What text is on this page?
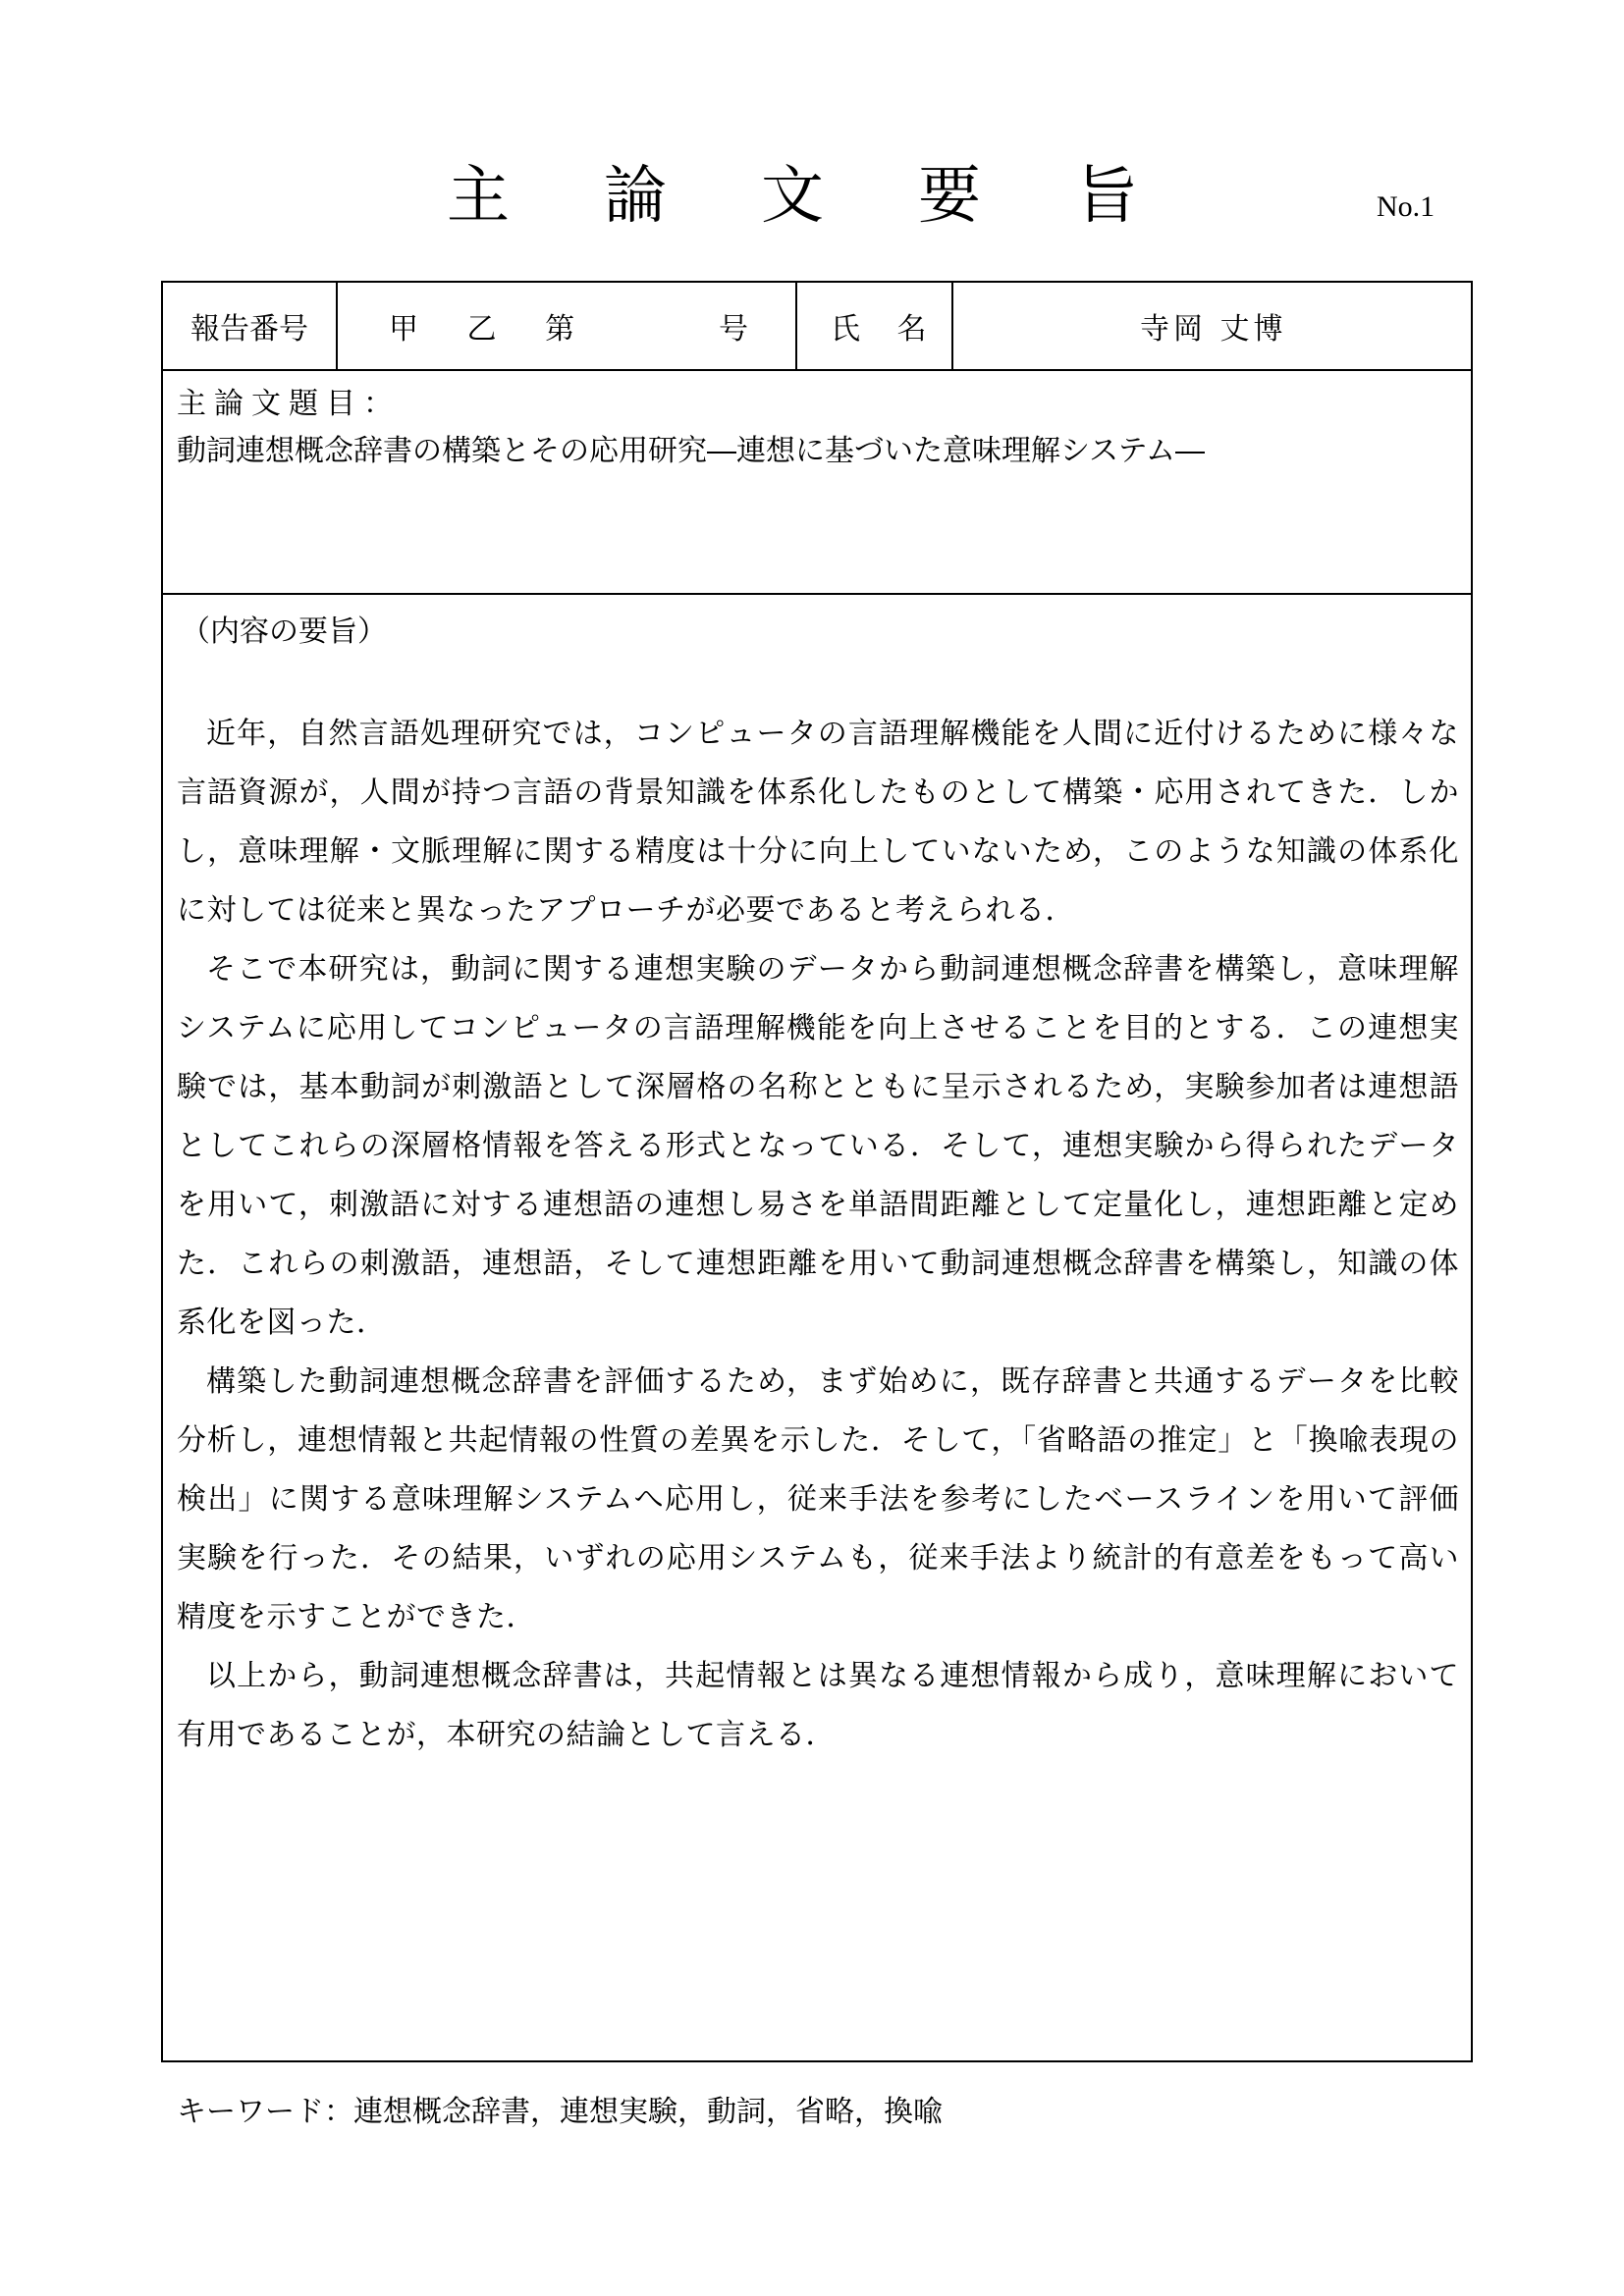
主論文要旨	No.1
報告番号	甲 乙 第	号	氏 名	寺岡 丈博
主論文題目：
動詞連想概念辞書の構築とその応用研究―連想に基づいた意味理解システム―
（内容の要旨）

近年，自然言語処理研究では，コンピュータの言語理解機能を人間に近付けるために様々な言語資源が，人間が持つ言語の背景知識を体系化したものとして構築・応用されてきた．しかし，意味理解・文脈理解に関する精度は十分に向上していないため，このような知識の体系化に対しては従来と異なったアプローチが必要であると考えられる．

そこで本研究は，動詞に関する連想実験のデータから動詞連想概念辞書を構築し，意味理解システムに応用してコンピュータの言語理解機能を向上させることを目的とする．この連想実験では，基本動詞が刺激語として深層格の名称とともに呈示されるため，実験参加者は連想語としてこれらの深層格情報を答える形式となっている．そして，連想実験から得られたデータを用いて，刺激語に対する連想語の連想し易さを単語間距離として定量化し，連想距離と定めた．これらの刺激語，連想語，そして連想距離を用いて動詞連想概念辞書を構築し，知識の体系化を図った．

構築した動詞連想概念辞書を評価するため，まず始めに，既存辞書と共通するデータを比較分析し，連想情報と共起情報の性質の差異を示した．そして，「省略語の推定」と「換喩表現の検出」に関する意味理解システムへ応用し，従来手法を参考にしたベースラインを用いて評価実験を行った．その結果，いずれの応用システムも，従来手法より統計的有意差をもって高い精度を示すことができた．

以上から，動詞連想概念辞書は，共起情報とは異なる連想情報から成り，意味理解において有用であることが，本研究の結論として言える．

キーワード：連想概念辞書，連想実験，動詞，省略，換喩
